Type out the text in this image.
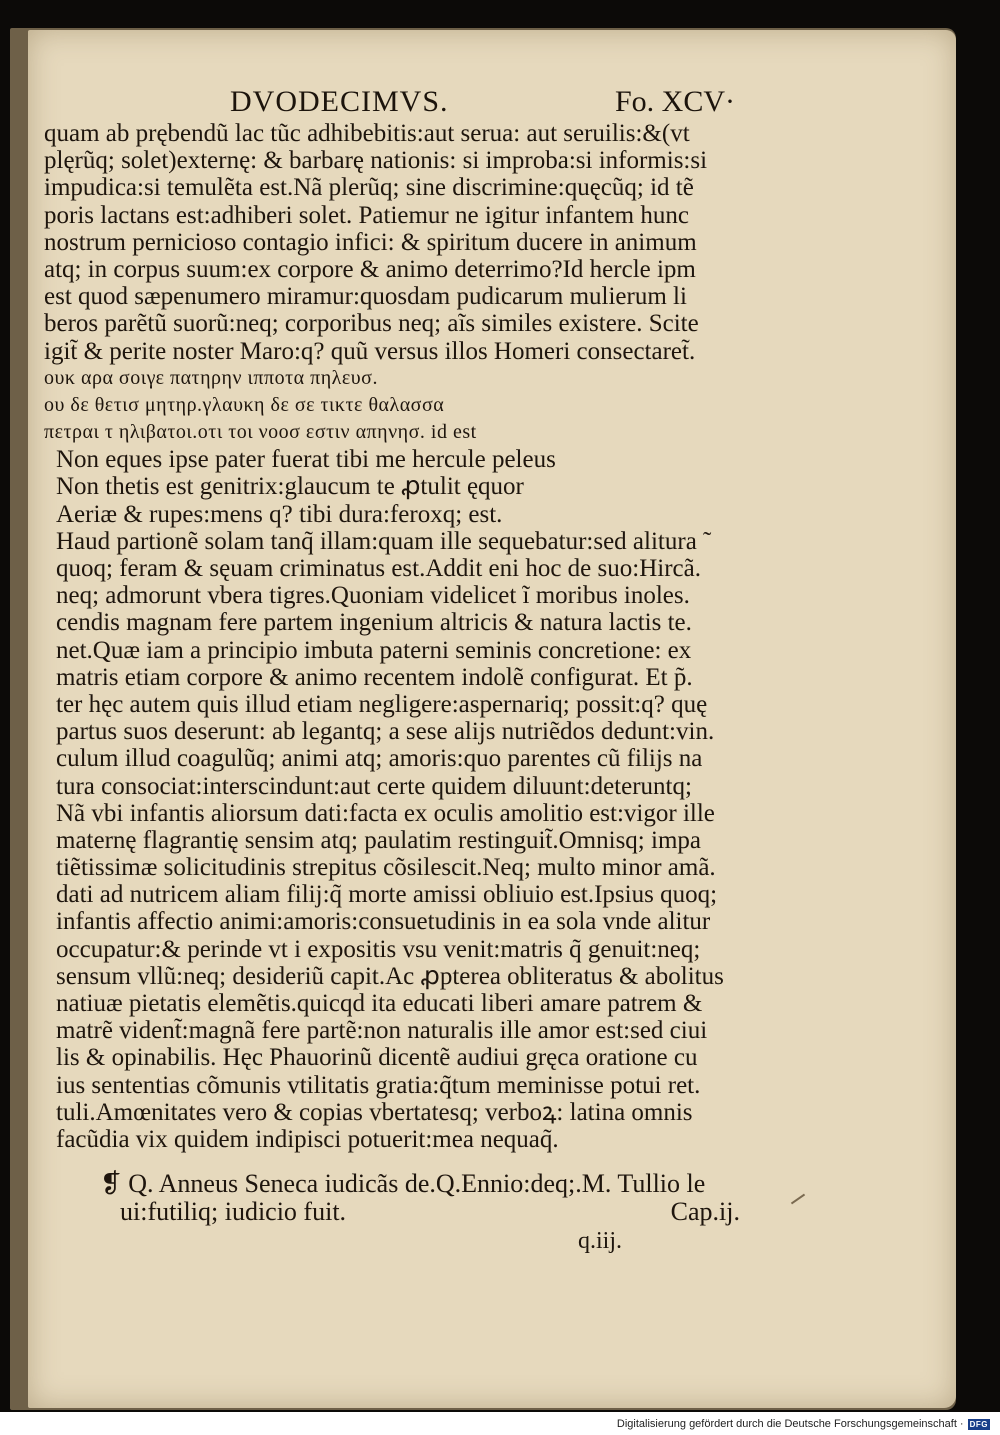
DVODECIMVS.	Fo. XCV·
quam ab prębendũ lac tũc adhibebitis:aut serua: aut seruilis:&(vt
plęrũq; solet)externę: & barbarę nationis: si improba:si informis:si
impudica:si temulẽta est.Nã plerũq; sine discrimine:quęcũq; id tẽ
poris lactans est:adhiberi solet. Patiemur ne igitur infantem hunc
nostrum pernicioso contagio infici: & spiritum ducere in animum
atq; in corpus suum:ex corpore & animo deterrimo?Id hercle ipm
est quod sæpenumero miramur:quosdam pudicarum mulierum li
beros parẽtũ suorũ:neq; corporibus neq; aĩs similes existere. Scite
igit̃ & perite noster Maro:q? quũ versus illos Homeri consectaret̃.
ουκ αρα σοιγε πατηρην ιπποτα πηλευσ.
ου δε θετισ μητηρ.γλαυκη δε σε τικτε θαλασσα
πετραι τ ηλιβατοι.οτι τοι νοοσ εστιν απηνησ. id est
Non eques ipse pater fuerat tibi me hercule peleus
Non thetis est genitrix:glaucum te ꝓtulit ęquor
Aeriæ & rupes:mens q? tibi dura:feroxq; est.
Haud partionẽ solam tanq̃ illam:quam ille sequebatur:sed alitura ̃
quoq; feram & sęuam criminatus est.Addit eni hoc de suo:Hircã.
neq; admorunt vbera tigres.Quoniam videlicet ĩ moribus inoles.
cendis magnam fere partem ingenium altricis & natura lactis te.
net.Quæ iam a principio imbuta paterni seminis concretione: ex
matris etiam corpore & animo recentem indolẽ configurat. Et p̃.
ter hęc autem quis illud etiam negligere:aspernariq; possit:q? quę
partus suos deserunt: ab legantq; a sese alijs nutriẽdos dedunt:vin.
culum illud coagulũq; animi atq; amoris:quo parentes cũ filijs na
tura consociat:interscindunt:aut certe quidem diluunt:deteruntq;
Nã vbi infantis aliorsum dati:facta ex oculis amolitio est:vigor ille
maternę flagrantię sensim atq; paulatim restinguit̃.Omnisq; impa
tiẽtissimæ solicitudinis strepitus cõsilescit.Neq; multo minor amã.
dati ad nutricem aliam filij:q̃ morte amissi obliuio est.Ipsius quoq;
infantis affectio animi:amoris:consuetudinis in ea sola vnde alitur
occupatur:& perinde vt i expositis vsu venit:matris q̃ genuit:neq;
sensum vllũ:neq; desideriũ capit.Ac ꝓpterea obliteratus & abolitus
natiuæ pietatis elemẽtis.quicqd ita educati liberi amare patrem &
matrẽ vident̃:magnã fere partẽ:non naturalis ille amor est:sed ciui
lis & opinabilis. Hęc Phauorinũ dicentẽ audiui gręca oratione cu
ius sententias cõmunis vtilitatis gratia:q̃tum meminisse potui ret.
tuli.Amœnitates vero & copias vbertatesq; verboꝝ: latina omnis
facũdia vix quidem indipisci potuerit:mea nequaq̃.
❡ Q. Anneus Seneca iudicãs de.Q.Ennio:deq;.M. Tullio le
ui:futiliq; iudicio fuit.	Cap.ij.
q.iij.
Digitalisierung gefördert durch die Deutsche Forschungsgemeinschaft · DFG
